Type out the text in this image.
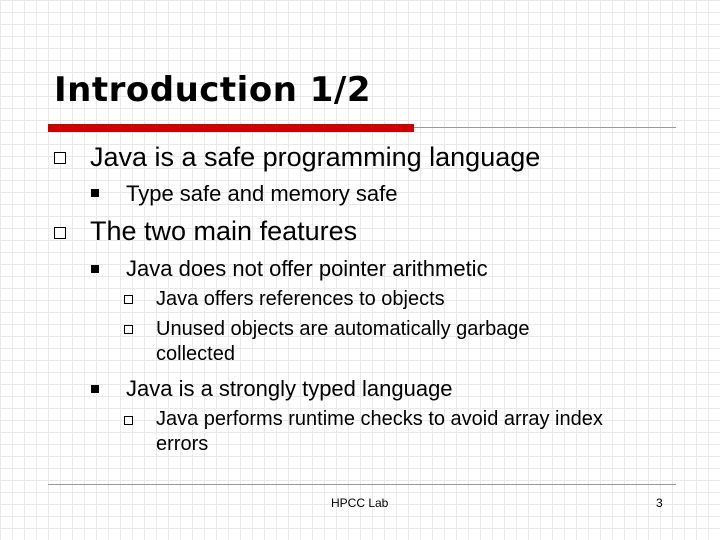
Introduction 1/2
Java is a safe programming language
Type safe and memory safe
The two main features
Java does not offer pointer arithmetic
Java offers references to objects
Unused objects are automatically garbage
collected
Java is a strongly typed language
Java performs runtime checks to avoid array index
errors
HPCC Lab	3
